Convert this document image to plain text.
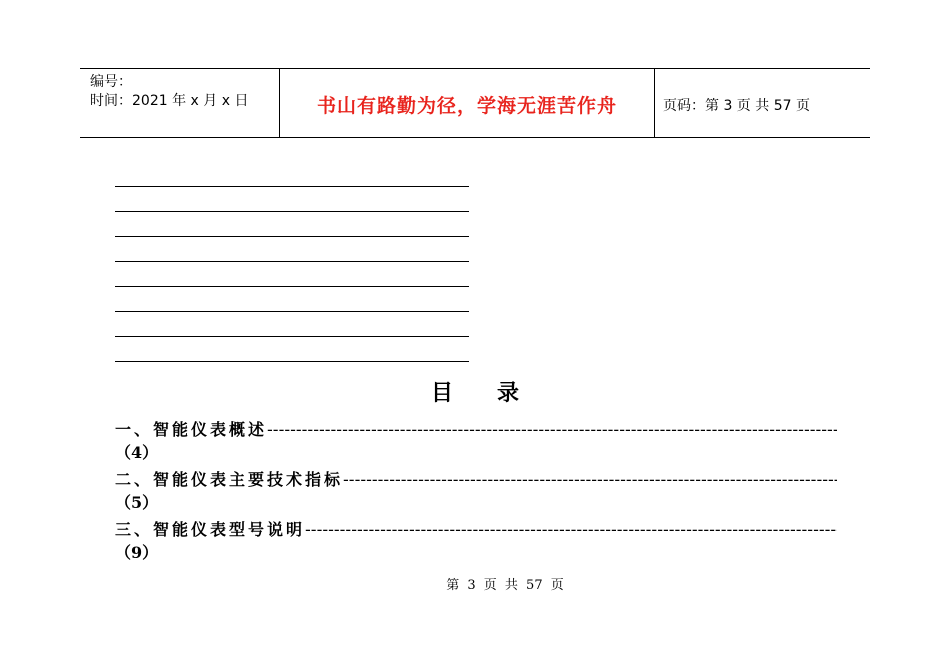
编号：
时间：2021 年 x 月 x 日	书山有路勤为径，学海无涯苦作舟	页码：第 3 页 共 57 页
目录
一、智能仪表概述
-----
（4）
二、智能仪表主要技术指标
-----
（5）
三、智能仪表型号说明
-----
（9）
第 3 页 共 57 页
